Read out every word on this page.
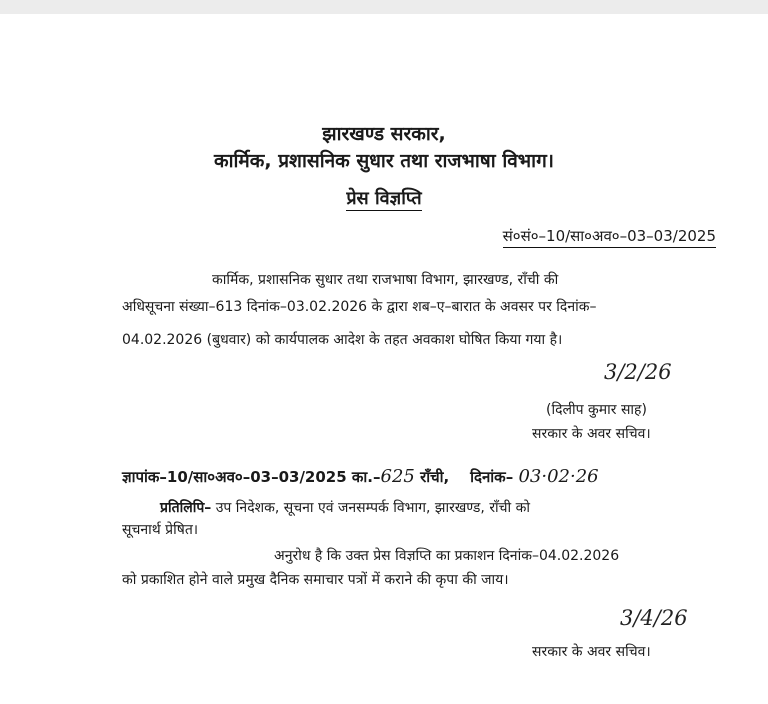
झारखण्ड सरकार,
कार्मिक, प्रशासनिक सुधार तथा राजभाषा विभाग।
प्रेस विज्ञप्ति
सं०सं०–10/सा०अव०–03–03/2025
कार्मिक, प्रशासनिक सुधार तथा राजभाषा विभाग, झारखण्ड, राँची की
अधिसूचना संख्या–613 दिनांक–03.02.2026 के द्वारा शब–ए–बारात के अवसर पर दिनांक–
04.02.2026 (बुधवार) को कार्यपालक आदेश के तहत अवकाश घोषित किया गया है।
3/2/26
(दिलीप कुमार साह)
सरकार के अवर सचिव।
ज्ञापांक–10/सा०अव०–03–03/2025 का.–625 राँची, दिनांक– 03·02·26
प्रतिलिपि– उप निदेशक, सूचना एवं जनसम्पर्क विभाग, झारखण्ड, राँची को
सूचनार्थ प्रेषित।
अनुरोध है कि उक्त प्रेस विज्ञप्ति का प्रकाशन दिनांक–04.02.2026
को प्रकाशित होने वाले प्रमुख दैनिक समाचार पत्रों में कराने की कृपा की जाय।
3/4/26
सरकार के अवर सचिव।
